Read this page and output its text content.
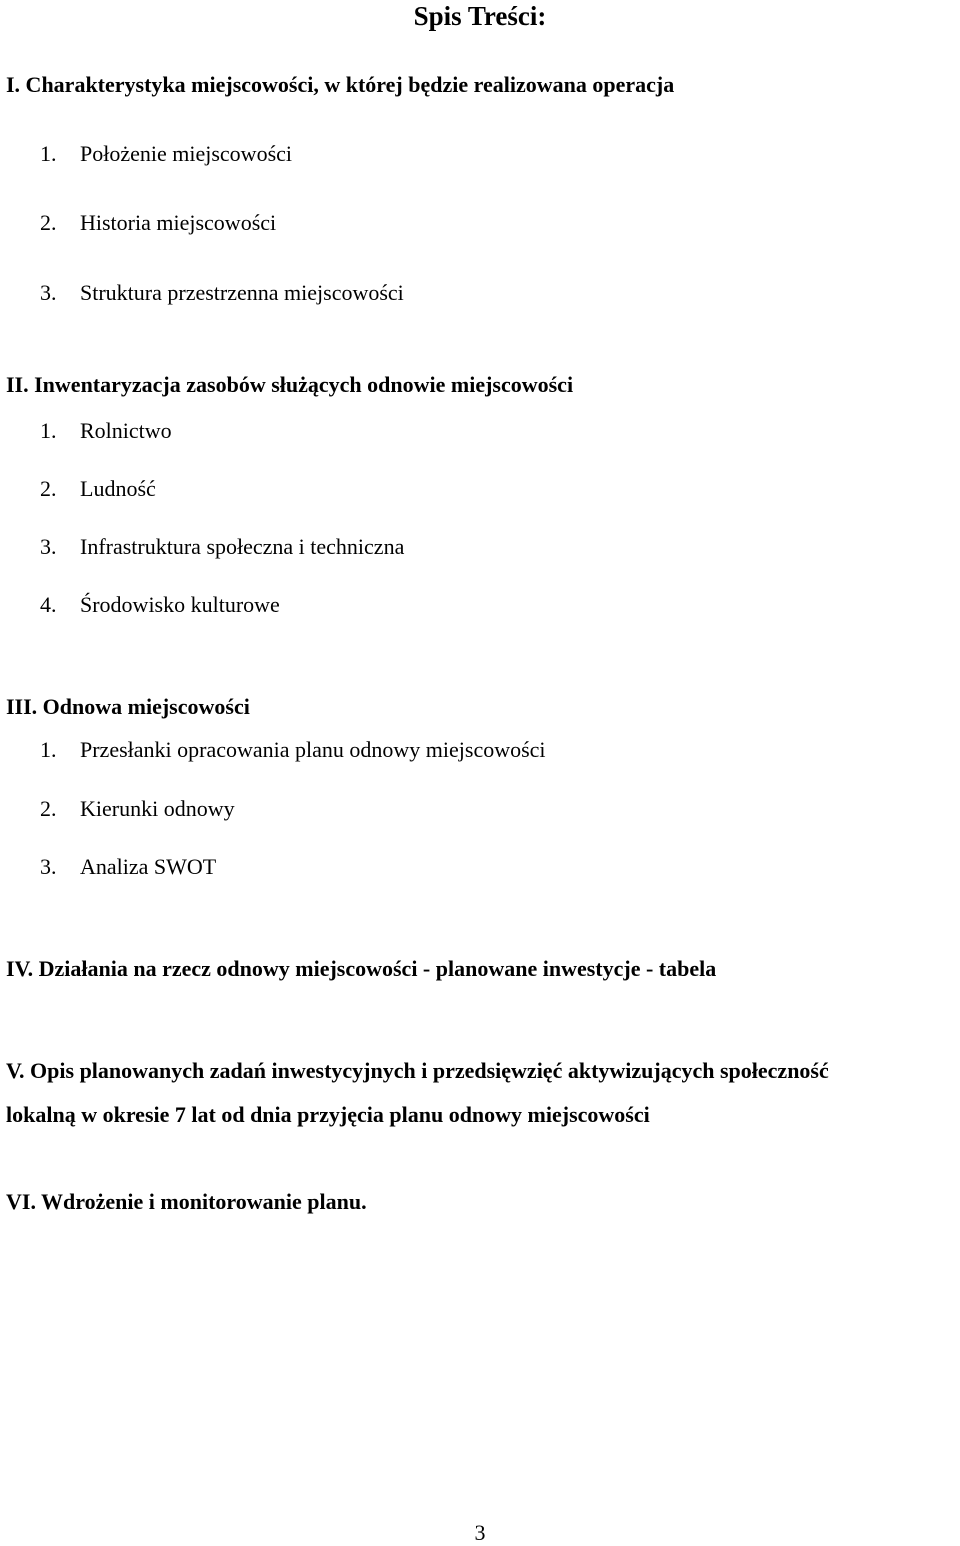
Spis Treści:
I. Charakterystyka miejscowości, w której będzie realizowana operacja
1. Położenie miejscowości
2. Historia miejscowości
3. Struktura przestrzenna miejscowości
II. Inwentaryzacja zasobów służących odnowie miejscowości
1. Rolnictwo
2. Ludność
3. Infrastruktura społeczna i techniczna
4. Środowisko kulturowe
III. Odnowa miejscowości
1. Przesłanki opracowania planu odnowy miejscowości
2. Kierunki odnowy
3. Analiza SWOT
IV. Działania na rzecz odnowy miejscowości - planowane inwestycje - tabela
V. Opis planowanych zadań inwestycyjnych i przedsięwzięć aktywizujących społeczność
lokalną w okresie 7 lat od dnia przyjęcia planu odnowy miejscowości
VI. Wdrożenie i monitorowanie planu.
3
